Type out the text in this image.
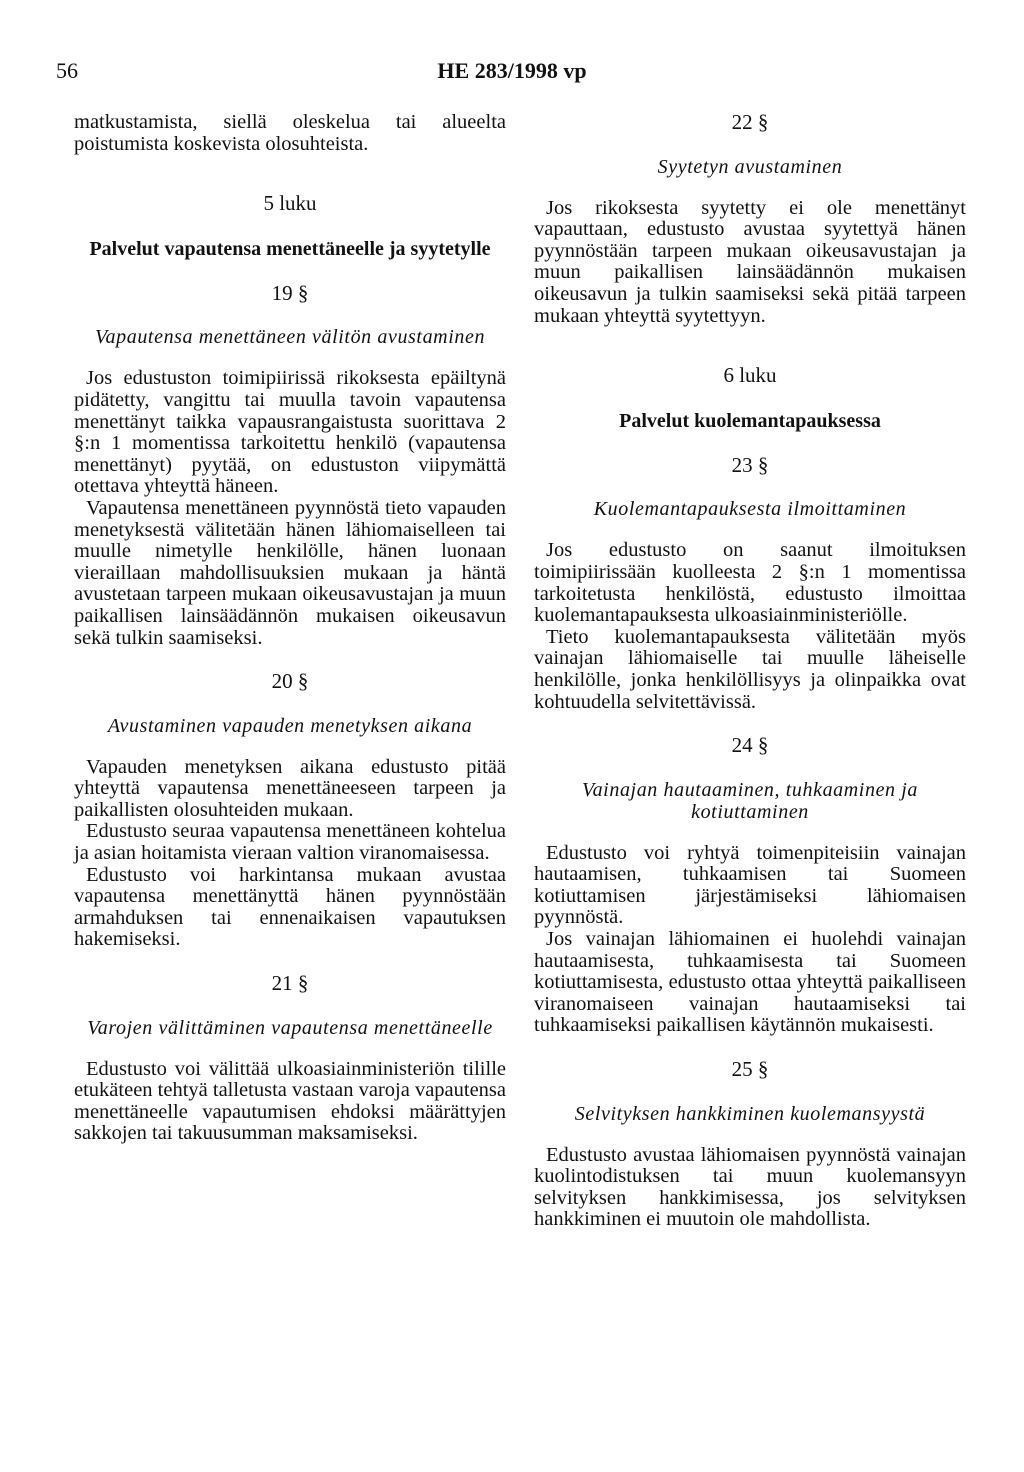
56	HE 283/1998 vp

matkustamista, siellä oleskelua tai alueelta poistumista koskevista olosuhteista.

5 luku
Palvelut vapautensa menettäneelle ja syytetylle
19 §
Vapautensa menettäneen välitön avustaminen

Jos edustuston toimipiirissä rikoksesta epäiltynä pidätetty, vangittu tai muulla tavoin vapautensa menettänyt taikka vapausrangaistusta suorittava 2 §:n 1 momentissa tarkoitettu henkilö (vapautensa menettänyt) pyytää, on edustuston viipymättä otettava yhteyttä häneen.

Vapautensa menettäneen pyynnöstä tieto vapauden menetyksestä välitetään hänen lähiomaiselleen tai muulle nimetylle henkilölle, hänen luonaan vieraillaan mahdollisuuksien mukaan ja häntä avustetaan tarpeen mukaan oikeusavustajan ja muun paikallisen lainsäädännön mukaisen oikeusavun sekä tulkin saamiseksi.

20 §
Avustaminen vapauden menetyksen aikana

Vapauden menetyksen aikana edustusto pitää yhteyttä vapautensa menettäneeseen tarpeen ja paikallisten olosuhteiden mukaan.

Edustusto seuraa vapautensa menettäneen kohtelua ja asian hoitamista vieraan valtion viranomaisessa.

Edustusto voi harkintansa mukaan avustaa vapautensa menettänyttä hänen pyynnöstään armahduksen tai ennenaikaisen vapautuksen hakemiseksi.

21 §
Varojen välittäminen vapautensa menettäneelle

Edustusto voi välittää ulkoasiainministeriön tilille etukäteen tehtyä talletusta vastaan varoja vapautensa menettäneelle vapautumisen ehdoksi määrättyjen sakkojen tai takuusumman maksamiseksi.

22 §
Syytetyn avustaminen

Jos rikoksesta syytetty ei ole menettänyt vapauttaan, edustusto avustaa syytettyä hänen pyynnöstään tarpeen mukaan oikeusavustajan ja muun paikallisen lainsäädännön mukaisen oikeusavun ja tulkin saamiseksi sekä pitää tarpeen mukaan yhteyttä syytettyyn.

6 luku
Palvelut kuolemantapauksessa
23 §
Kuolemantapauksesta ilmoittaminen

Jos edustusto on saanut ilmoituksen toimipiirissään kuolleesta 2 §:n 1 momentissa tarkoitetusta henkilöstä, edustusto ilmoittaa kuolemantapauksesta ulkoasiainministeriölle.

Tieto kuolemantapauksesta välitetään myös vainajan lähiomaiselle tai muulle läheiselle henkilölle, jonka henkilöllisyys ja olinpaikka ovat kohtuudella selvitettävissä.

24 §
Vainajan hautaaminen, tuhkaaminen ja kotiuttaminen

Edustusto voi ryhtyä toimenpiteisiin vainajan hautaamisen, tuhkaamisen tai Suomeen kotiuttamisen järjestämiseksi lähiomaisen pyynnöstä.

Jos vainajan lähiomainen ei huolehdi vainajan hautaamisesta, tuhkaamisesta tai Suomeen kotiuttamisesta, edustusto ottaa yhteyttä paikalliseen viranomaiseen vainajan hautaamiseksi tai tuhkaamiseksi paikallisen käytännön mukaisesti.

25 §
Selvityksen hankkiminen kuolemansyystä

Edustusto avustaa lähiomaisen pyynnöstä vainajan kuolintodistuksen tai muun kuolemansyyn selvityksen hankkimisessa, jos selvityksen hankkiminen ei muutoin ole mahdollista.
